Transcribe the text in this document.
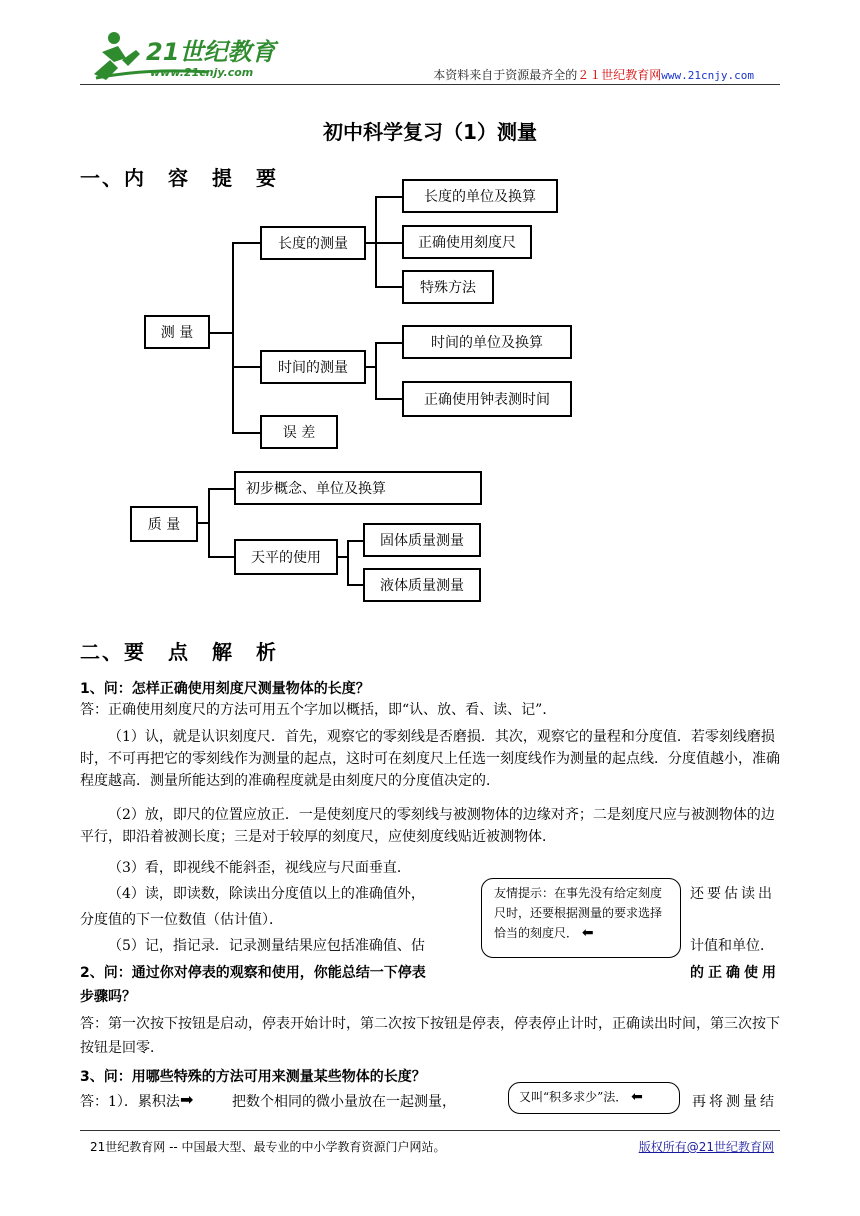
21世纪教育
www.21cnjy.com	本资料来自于资源最齐全的２１世纪教育网www.21cnjy.com
初中科学复习（1）测量
一、内　容　提　要
测 量
长度的测量
长度的单位及换算
正确使用刻度尺
特殊方法
时间的测量
时间的单位及换算
正确使用钟表测时间
误 差
质 量
初步概念、单位及换算
天平的使用
固体质量测量
液体质量测量
二、要　点　解　析
1、问：怎样正确使用刻度尺测量物体的长度？
答：正确使用刻度尺的方法可用五个字加以概括，即“认、放、看、读、记”．
（1）认，就是认识刻度尺．首先，观察它的零刻线是否磨损．其次，观察它的量程和分度值．若零刻线磨损时，不可再把它的零刻线作为测量的起点，这时可在刻度尺上任选一刻度线作为测量的起点线．分度值越小，准确程度越高．测量所能达到的准确程度就是由刻度尺的分度值决定的．
（2）放，即尺的位置应放正．一是使刻度尺的零刻线与被测物体的边缘对齐；二是刻度尺应与被测物体的边平行，即沿着被测长度；三是对于较厚的刻度尺，应使刻度线贴近被测物体．
（3）看，即视线不能斜歪，视线应与尺面垂直．
（4）读，即读数，除读出分度值以上的准确值外，	还要估读出
分度值的下一位数值（估计值）．
（5）记，指记录．记录测量结果应包括准确值、估	计值和单位．
友情提示：在事先没有给定刻度尺时，还要根据测量的要求选择恰当的刻度尺． ⬅
2、问：通过你对停表的观察和使用，你能总结一下停表	的正确使用
步骤吗？
答：第一次按下按钮是启动，停表开始计时，第二次按下按钮是停表，停表停止计时，正确读出时间，第三次按下按钮是回零．
3、问：用哪些特殊的方法可用来测量某些物体的长度？
答：1）．累积法 ➡	把数个相同的微小量放在一起测量，	再将测量结
又叫“积多求少”法． ⬅
21世纪教育网 -- 中国最大型、最专业的中小学教育资源门户网站。	版权所有@21世纪教育网
